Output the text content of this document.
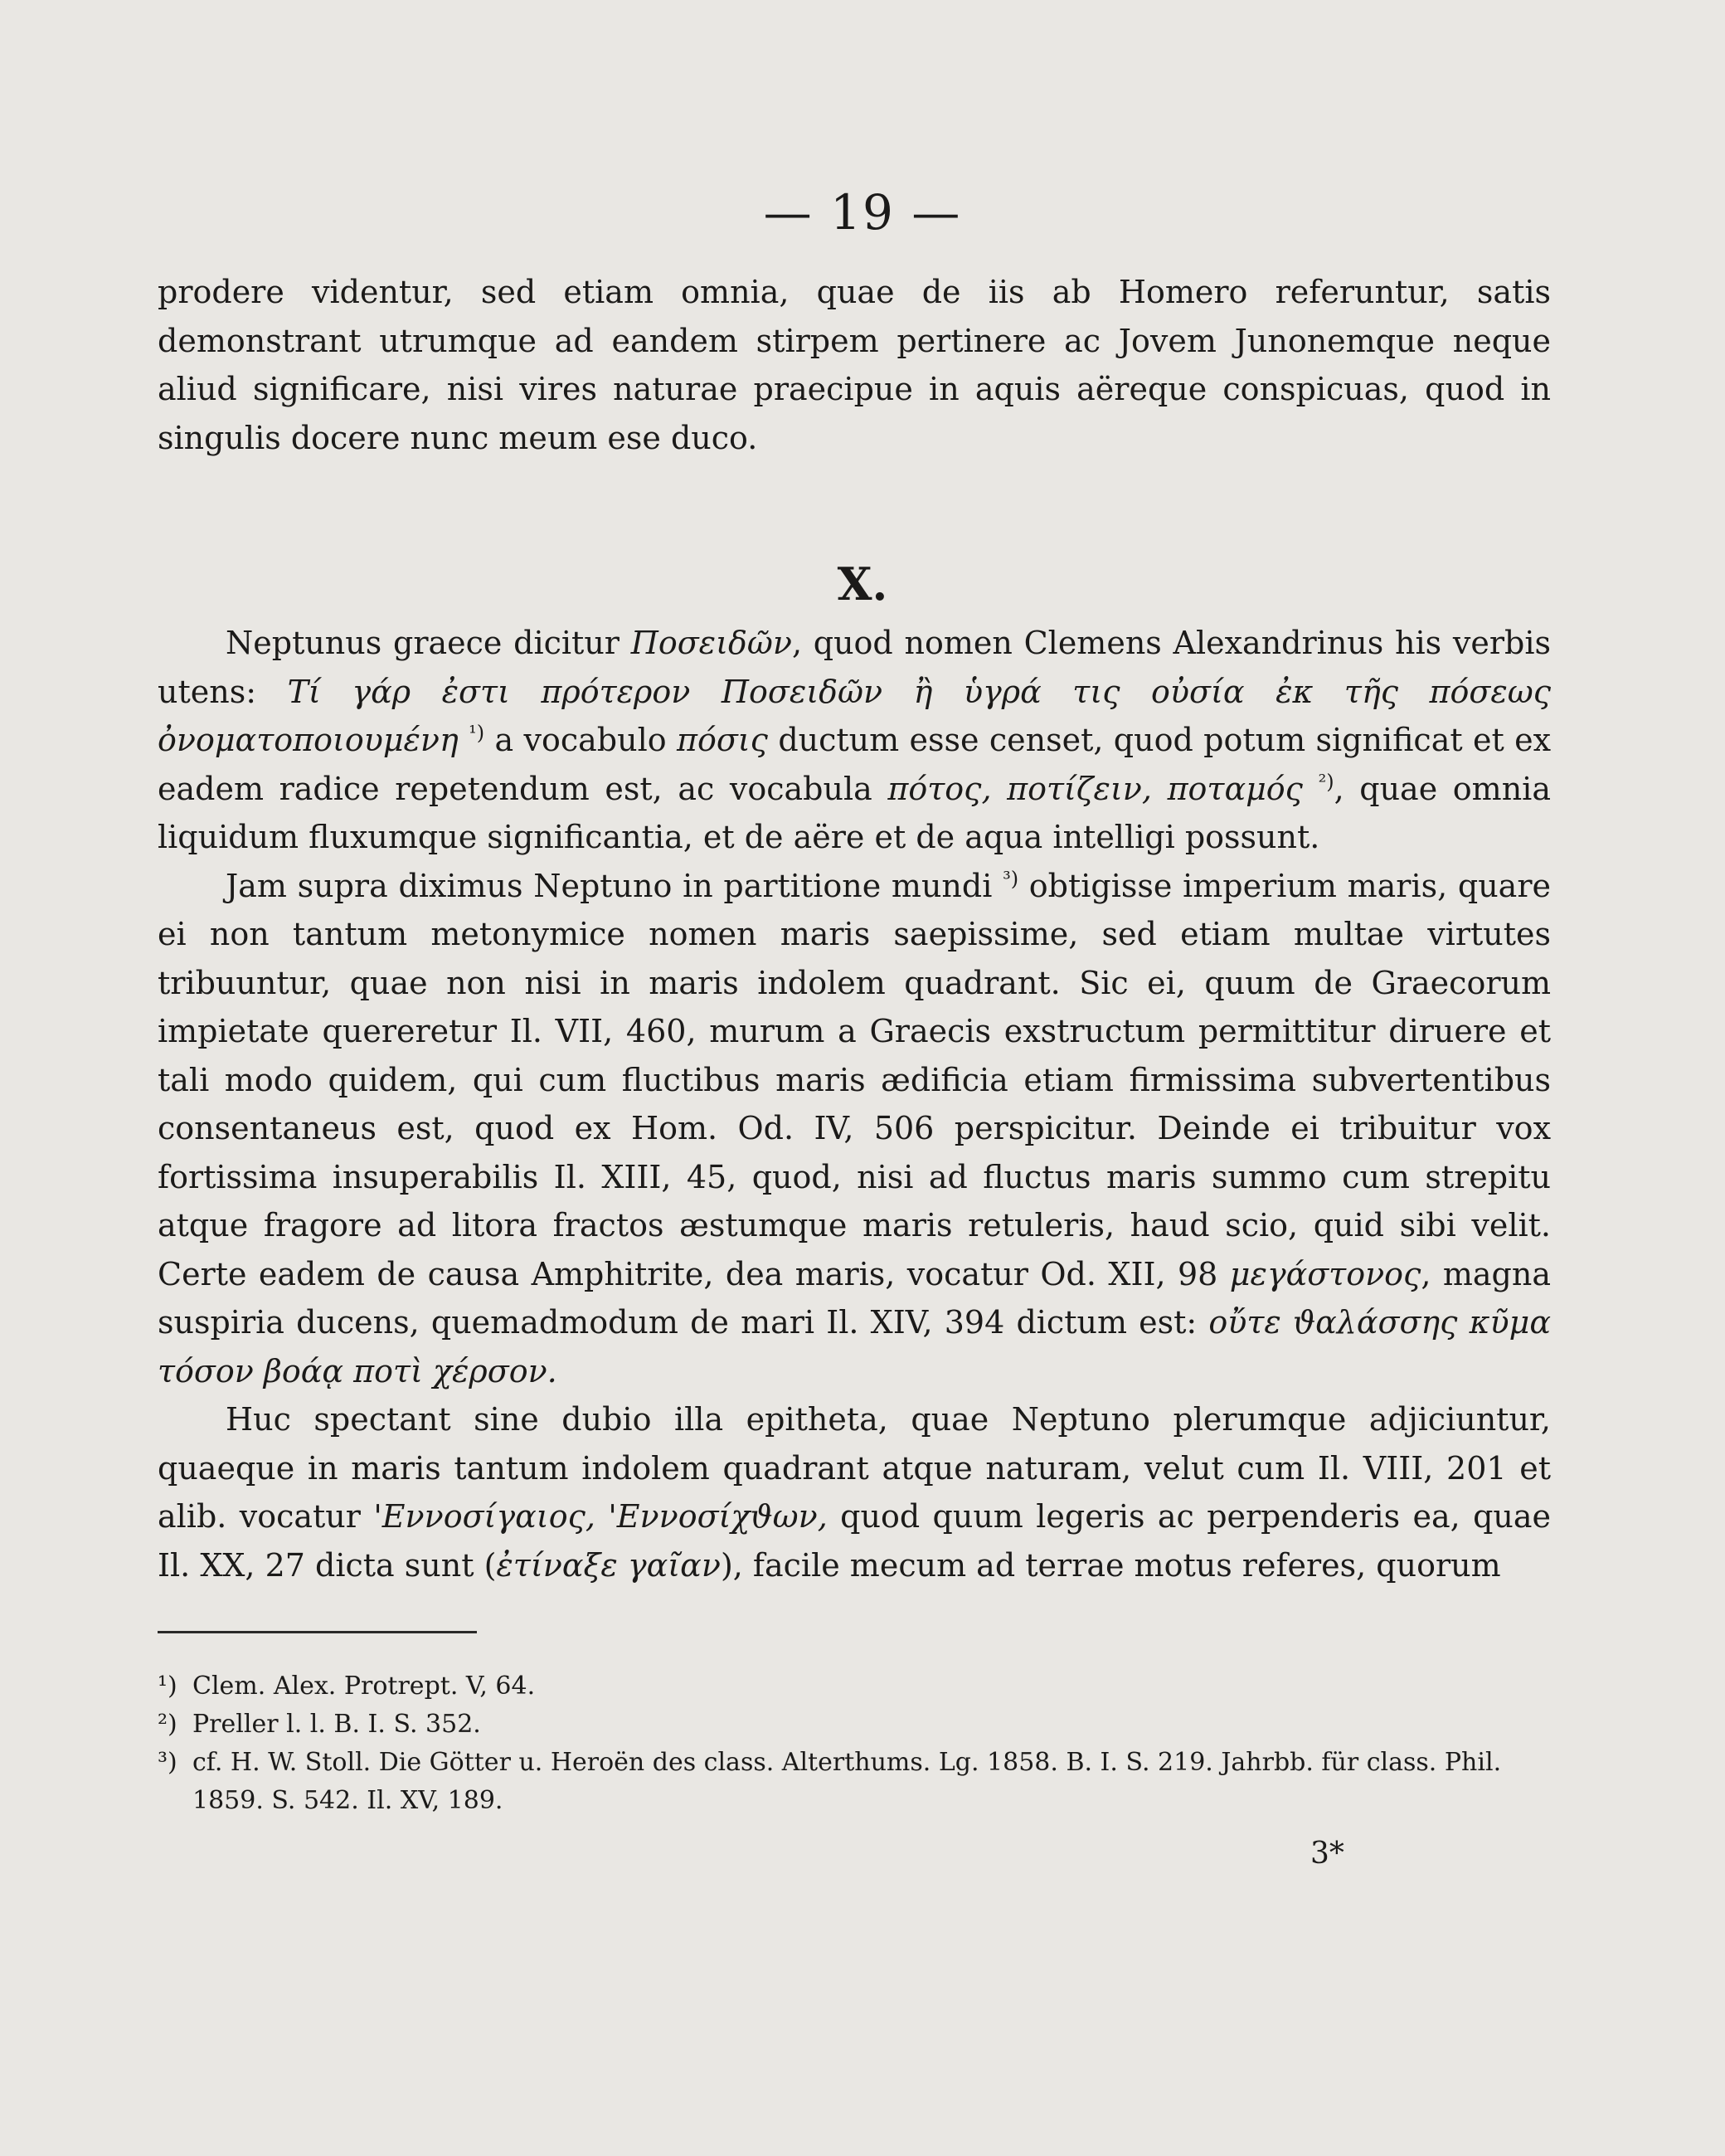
— 19 —

prodere videntur, sed etiam omnia, quae de iis ab Homero referuntur, satis demonstrant utrumque ad eandem stirpem pertinere ac Jovem Junonemque neque aliud significare, nisi vires naturae praecipue in aquis aëreque conspicuas, quod in singulis docere nunc meum ese duco.

X.

Neptunus graece dicitur Ποσειδῶν, quod nomen Clemens Alexandrinus his verbis utens: Τί γάρ ἐστι πρότερον Ποσειδῶν ἢ ὑγρά τις οὐσία ἐκ τῆς πόσεως ὀνοματοποιουμένη $^{^1)}$ a vocabulo πόσις ductum esse censet, quod potum significat et ex eadem radice repetendum est, ac vocabula πότος, ποτίζειν, ποταμός $^{^2)}$, quae omnia liquidum fluxumque significantia, et de aëre et de aqua intelligi possunt.

Jam supra diximus Neptuno in partitione mundi $^{^3)}$ obtigisse imperium maris, quare ei non tantum metonymice nomen maris saepissime, sed etiam multae virtutes tribuuntur, quae non nisi in maris indolem quadrant. Sic ei, quum de Graecorum impietate quereretur Il. VII, 460, murum a Graecis exstructum permittitur diruere et tali modo quidem, qui cum fluctibus maris ædificia etiam firmissima subvertentibus consentaneus est, quod ex Hom. Od. IV, 506 perspicitur. Deinde ei tribuitur vox fortissima insuperabilis Il. XIII, 45, quod, nisi ad fluctus maris summo cum strepitu atque fragore ad litora fractos æstumque maris retuleris, haud scio, quid sibi velit. Certe eadem de causa Amphitrite, dea maris, vocatur Od. XII, 98 μεγάστονος, magna suspiria ducens, quemadmodum de mari Il. XIV, 394 dictum est: οὔτε ϑαλάσσης κῦμα τόσον βοάᾳ ποτὶ χέρσον.

Huc spectant sine dubio illa epitheta, quae Neptuno plerumque adjiciuntur, quaeque in maris tantum indolem quadrant atque naturam, velut cum Il. VIII, 201 et alib. vocatur 'Εννοσίγαιος, 'Εννοσίχϑων, quod quum legeris ac perpenderis ea, quae Il. XX, 27 dicta sunt (ἐτίναξε γαῖαν), facile mecum ad terrae motus referes, quorum

¹) Clem. Alex. Protrept. V, 64.
²) Preller l. l. B. I. S. 352.
³) cf. H. W. Stoll. Die Götter u. Heroën des class. Alterthums. Lg. 1858. B. I. S. 219. Jahrbb. für class. Phil. 1859. S. 542. Il. XV, 189.
3*
